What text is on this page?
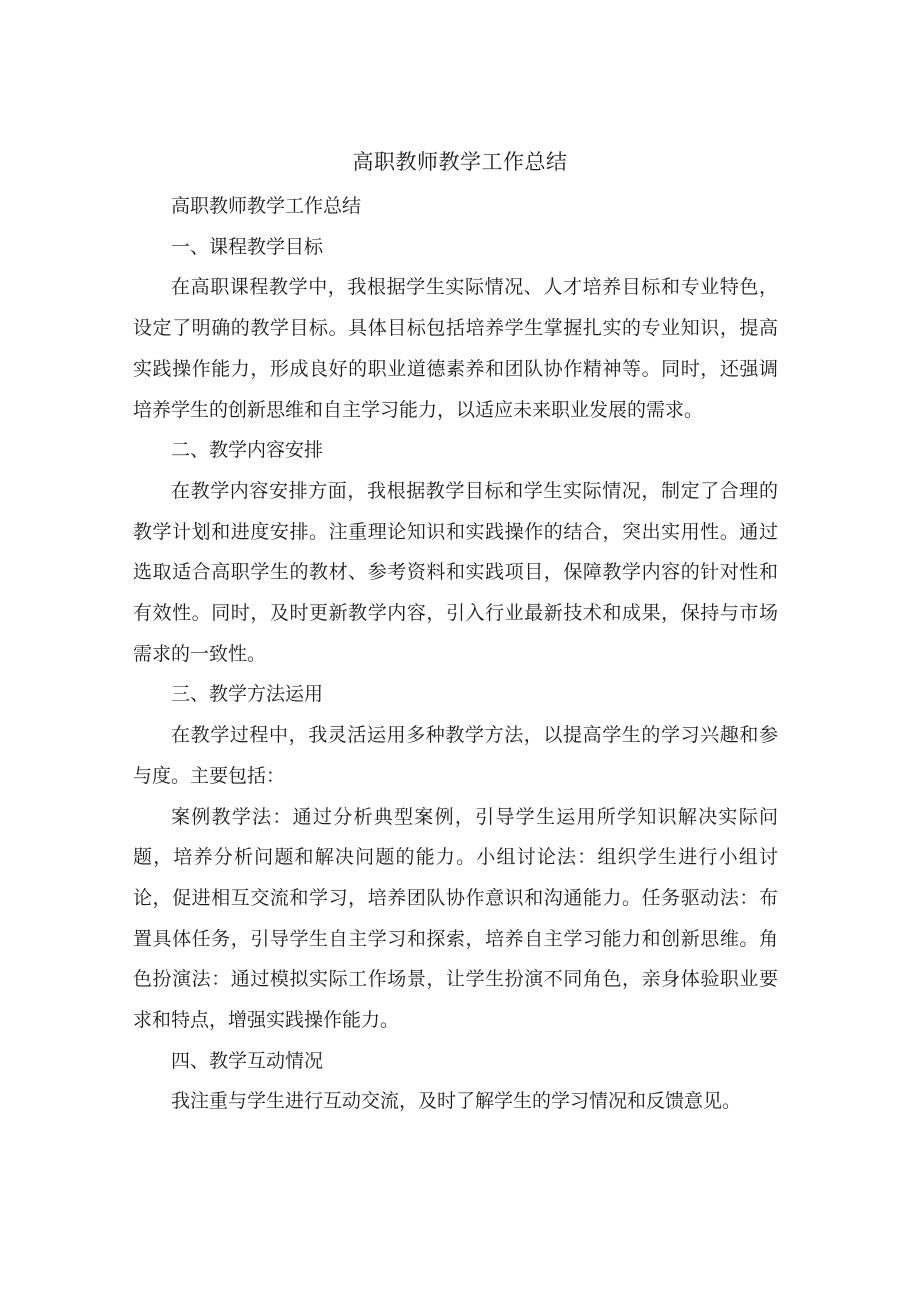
高职教师教学工作总结

高职教师教学工作总结

一、课程教学目标

在高职课程教学中，我根据学生实际情况、人才培养目标和专业特色，设定了明确的教学目标。具体目标包括培养学生掌握扎实的专业知识，提高实践操作能力，形成良好的职业道德素养和团队协作精神等。同时，还强调培养学生的创新思维和自主学习能力，以适应未来职业发展的需求。

二、教学内容安排

在教学内容安排方面，我根据教学目标和学生实际情况，制定了合理的教学计划和进度安排。注重理论知识和实践操作的结合，突出实用性。通过选取适合高职学生的教材、参考资料和实践项目，保障教学内容的针对性和有效性。同时，及时更新教学内容，引入行业最新技术和成果，保持与市场需求的一致性。

三、教学方法运用

在教学过程中，我灵活运用多种教学方法，以提高学生的学习兴趣和参与度。主要包括：

案例教学法：通过分析典型案例，引导学生运用所学知识解决实际问题，培养分析问题和解决问题的能力。小组讨论法：组织学生进行小组讨论，促进相互交流和学习，培养团队协作意识和沟通能力。任务驱动法：布置具体任务，引导学生自主学习和探索，培养自主学习能力和创新思维。角色扮演法：通过模拟实际工作场景，让学生扮演不同角色，亲身体验职业要求和特点，增强实践操作能力。

四、教学互动情况

我注重与学生进行互动交流，及时了解学生的学习情况和反馈意见。
